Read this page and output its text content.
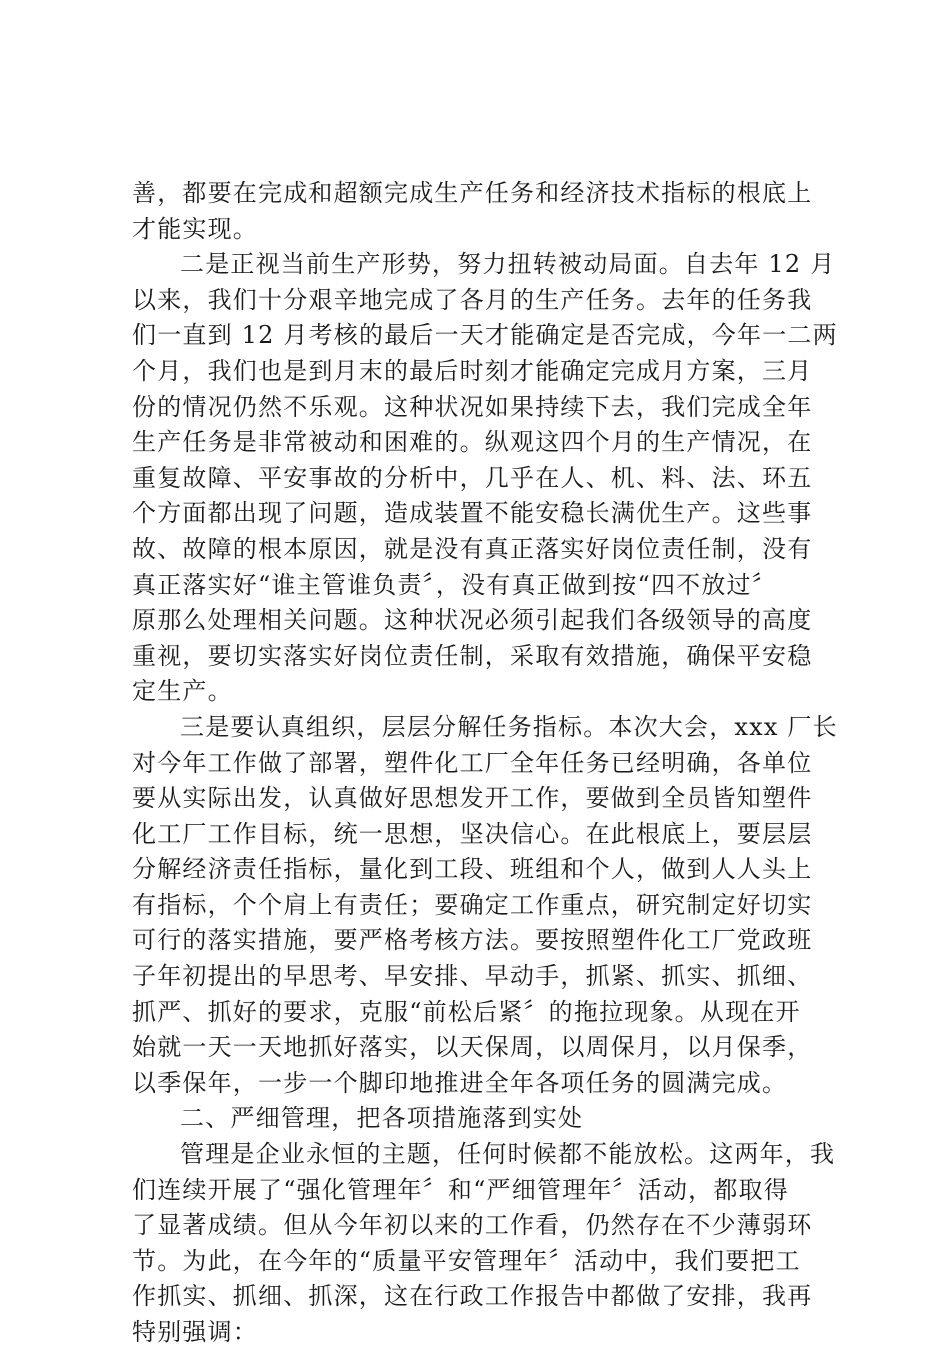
善，都要在完成和超额完成生产任务和经济技术指标的根底上
才能实现。
二是正视当前生产形势，努力扭转被动局面。自去年 12 月
以来，我们十分艰辛地完成了各月的生产任务。去年的任务我
们一直到 12 月考核的最后一天才能确定是否完成，今年一二两
个月，我们也是到月末的最后时刻才能确定完成月方案，三月
份的情况仍然不乐观。这种状况如果持续下去，我们完成全年
生产任务是非常被动和困难的。纵观这四个月的生产情况，在
重复故障、平安事故的分析中，几乎在人、机、料、法、环五
个方面都出现了问题，造成装置不能安稳长满优生产。这些事
故、故障的根本原因，就是没有真正落实好岗位责任制，没有
真正落实好“谁主管谁负责〞，没有真正做到按“四不放过〞
原那么处理相关问题。这种状况必须引起我们各级领导的高度
重视，要切实落实好岗位责任制，采取有效措施，确保平安稳
定生产。
三是要认真组织，层层分解任务指标。本次大会，xxx 厂长
对今年工作做了部署，塑件化工厂全年任务已经明确，各单位
要从实际出发，认真做好思想发开工作，要做到全员皆知塑件
化工厂工作目标，统一思想，坚决信心。在此根底上，要层层
分解经济责任指标，量化到工段、班组和个人，做到人人头上
有指标，个个肩上有责任；要确定工作重点，研究制定好切实
可行的落实措施，要严格考核方法。要按照塑件化工厂党政班
子年初提出的早思考、早安排、早动手，抓紧、抓实、抓细、
抓严、抓好的要求，克服“前松后紧〞的拖拉现象。从现在开
始就一天一天地抓好落实，以天保周，以周保月，以月保季，
以季保年，一步一个脚印地推进全年各项任务的圆满完成。
二、严细管理，把各项措施落到实处
管理是企业永恒的主题，任何时候都不能放松。这两年，我
们连续开展了“强化管理年〞和“严细管理年〞活动，都取得
了显著成绩。但从今年初以来的工作看，仍然存在不少薄弱环
节。为此，在今年的“质量平安管理年〞活动中，我们要把工
作抓实、抓细、抓深，这在行政工作报告中都做了安排，我再
特别强调：
